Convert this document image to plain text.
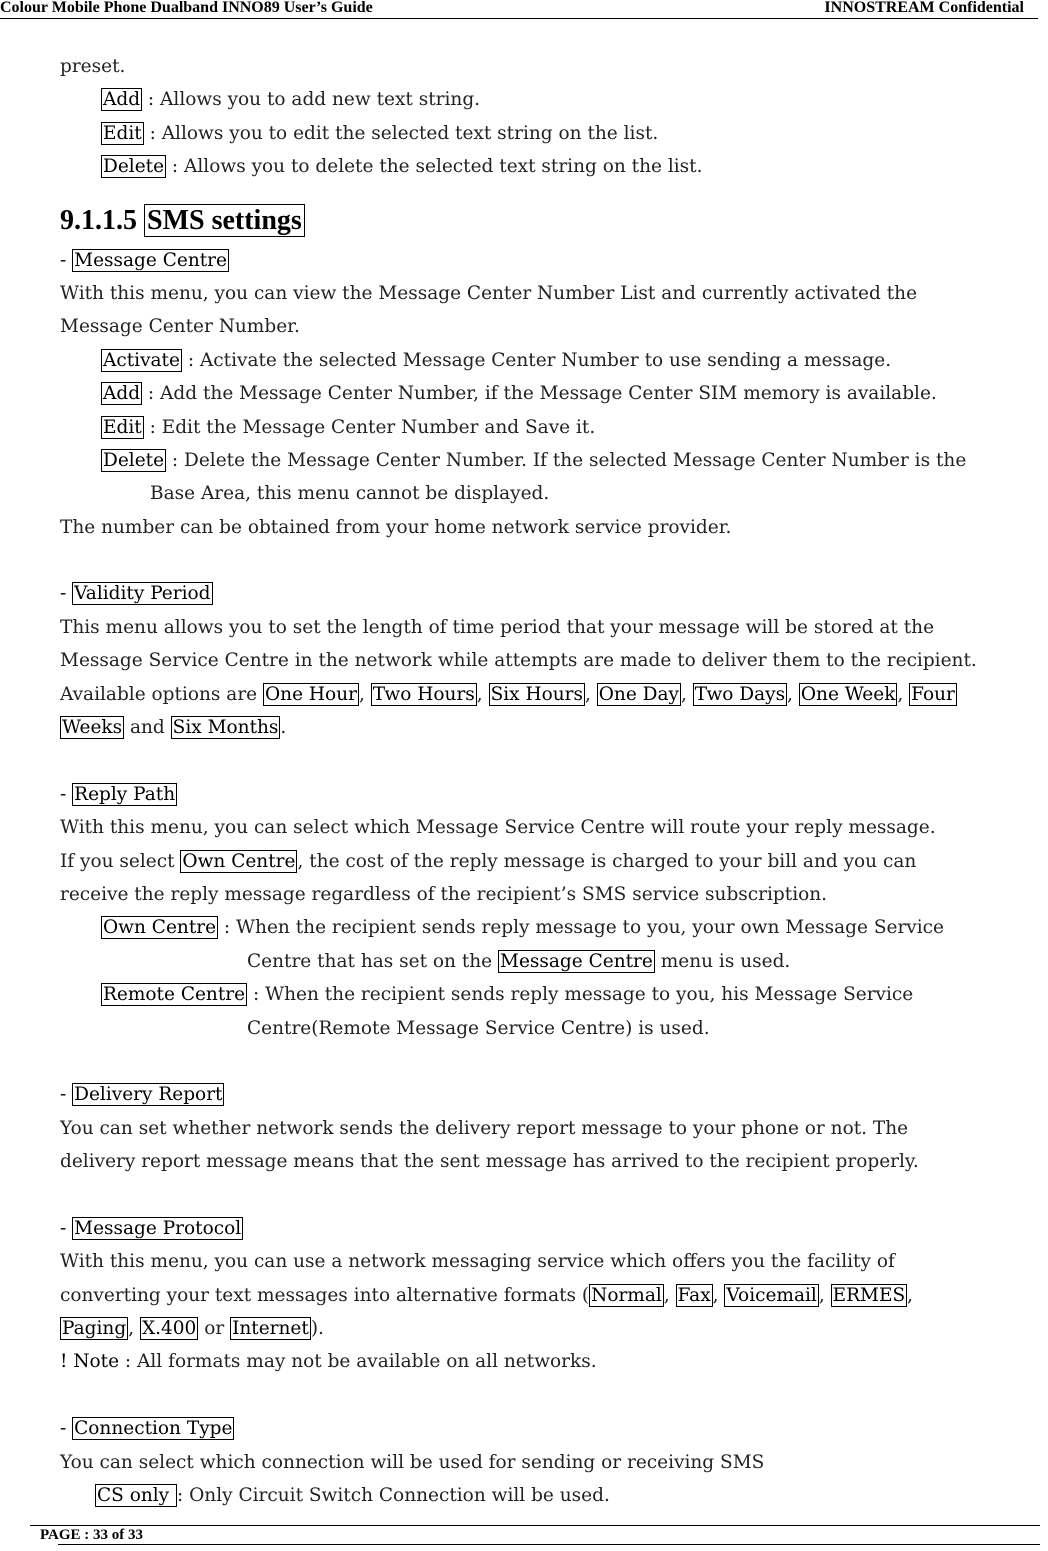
Colour Mobile Phone Dualband INNO89 User’s Guide	INNOSTREAM Confidential
preset.
Add : Allows you to add new text string.
Edit : Allows you to edit the selected text string on the list.
Delete : Allows you to delete the selected text string on the list.
9.1.1.5 SMS settings
- Message Centre
With this menu, you can view the Message Center Number List and currently activated the
Message Center Number.
Activate : Activate the selected Message Center Number to use sending a message.
Add : Add the Message Center Number, if the Message Center SIM memory is available.
Edit : Edit the Message Center Number and Save it.
Delete : Delete the Message Center Number. If the selected Message Center Number is the
Base Area, this menu cannot be displayed.
The number can be obtained from your home network service provider.
- Validity Period
This menu allows you to set the length of time period that your message will be stored at the
Message Service Centre in the network while attempts are made to deliver them to the recipient.
Available options are One Hour , Two Hours , Six Hours , One Day , Two Days , One Week , Four
Weeks and Six Months .
- Reply Path
With this menu, you can select which Message Service Centre will route your reply message.
If you select Own Centre , the cost of the reply message is charged to your bill and you can
receive the reply message regardless of the recipient’s SMS service subscription.
Own Centre : When the recipient sends reply message to you, your own Message Service
Centre that has set on the Message Centre menu is used.
Remote Centre : When the recipient sends reply message to you, his Message Service
Centre(Remote Message Service Centre) is used.
- Delivery Report
You can set whether network sends the delivery report message to your phone or not. The
delivery report message means that the sent message has arrived to the recipient properly.
- Message Protocol
With this menu, you can use a network messaging service which offers you the facility of
converting your text messages into alternative formats ( Normal , Fax , Voicemail , ERMES ,
Paging , X.400 or Internet ).
! Note : All formats may not be available on all networks.
- Connection Type
You can select which connection will be used for sending or receiving SMS
CS only : Only Circuit Switch Connection will be used.
PAGE : 33 of 33
